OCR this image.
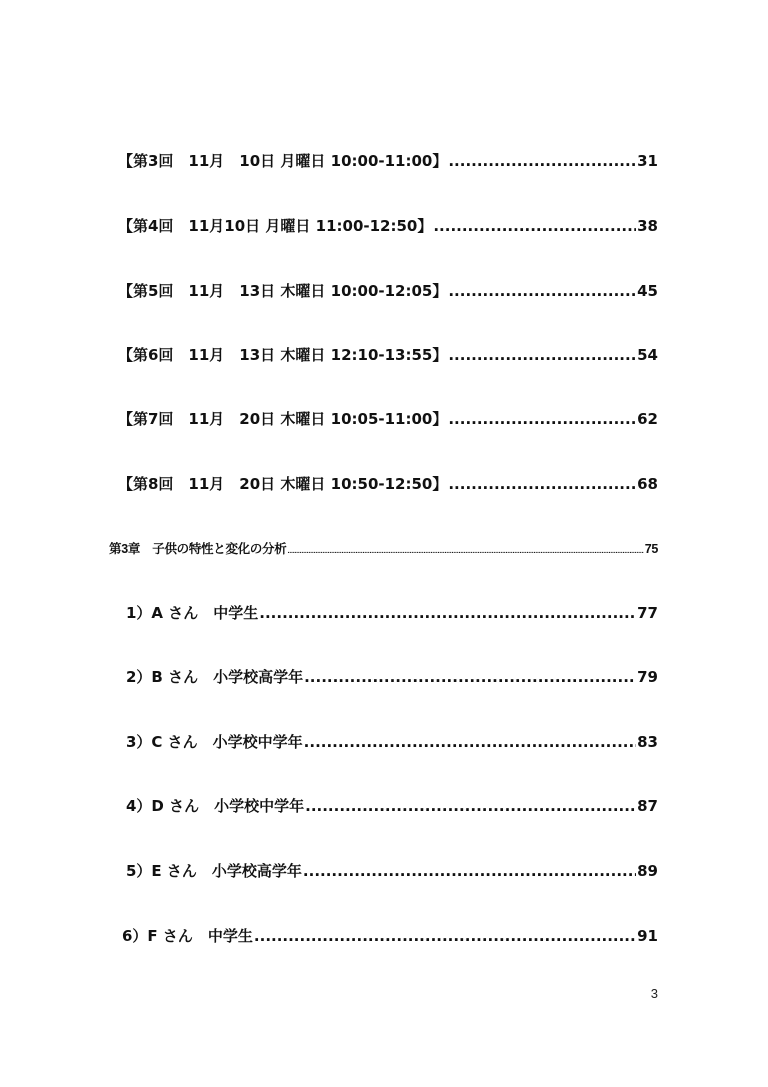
【第3回　11月　10日 月曜日 10:00-11:00】 .....	31
【第4回　11月10日 月曜日 11:00-12:50】 .....	38
【第5回　11月　13日 木曜日 10:00-12:05】 .....	45
【第6回　11月　13日 木曜日 12:10-13:55】 .....	54
【第7回　11月　20日 木曜日 10:05-11:00】 .....	62
【第8回　11月　20日 木曜日 10:50-12:50】 .....	68
第3章　子供の特性と変化の分析 .....	75
1）A さん　中学生 .....	77
2）B さん　小学校高学年 .....	79
3）C さん　小学校中学年 .....	83
4）D さん　小学校中学年 .....	87
5）E さん　小学校高学年 .....	89
6）F さん　中学生 .....	91
3
